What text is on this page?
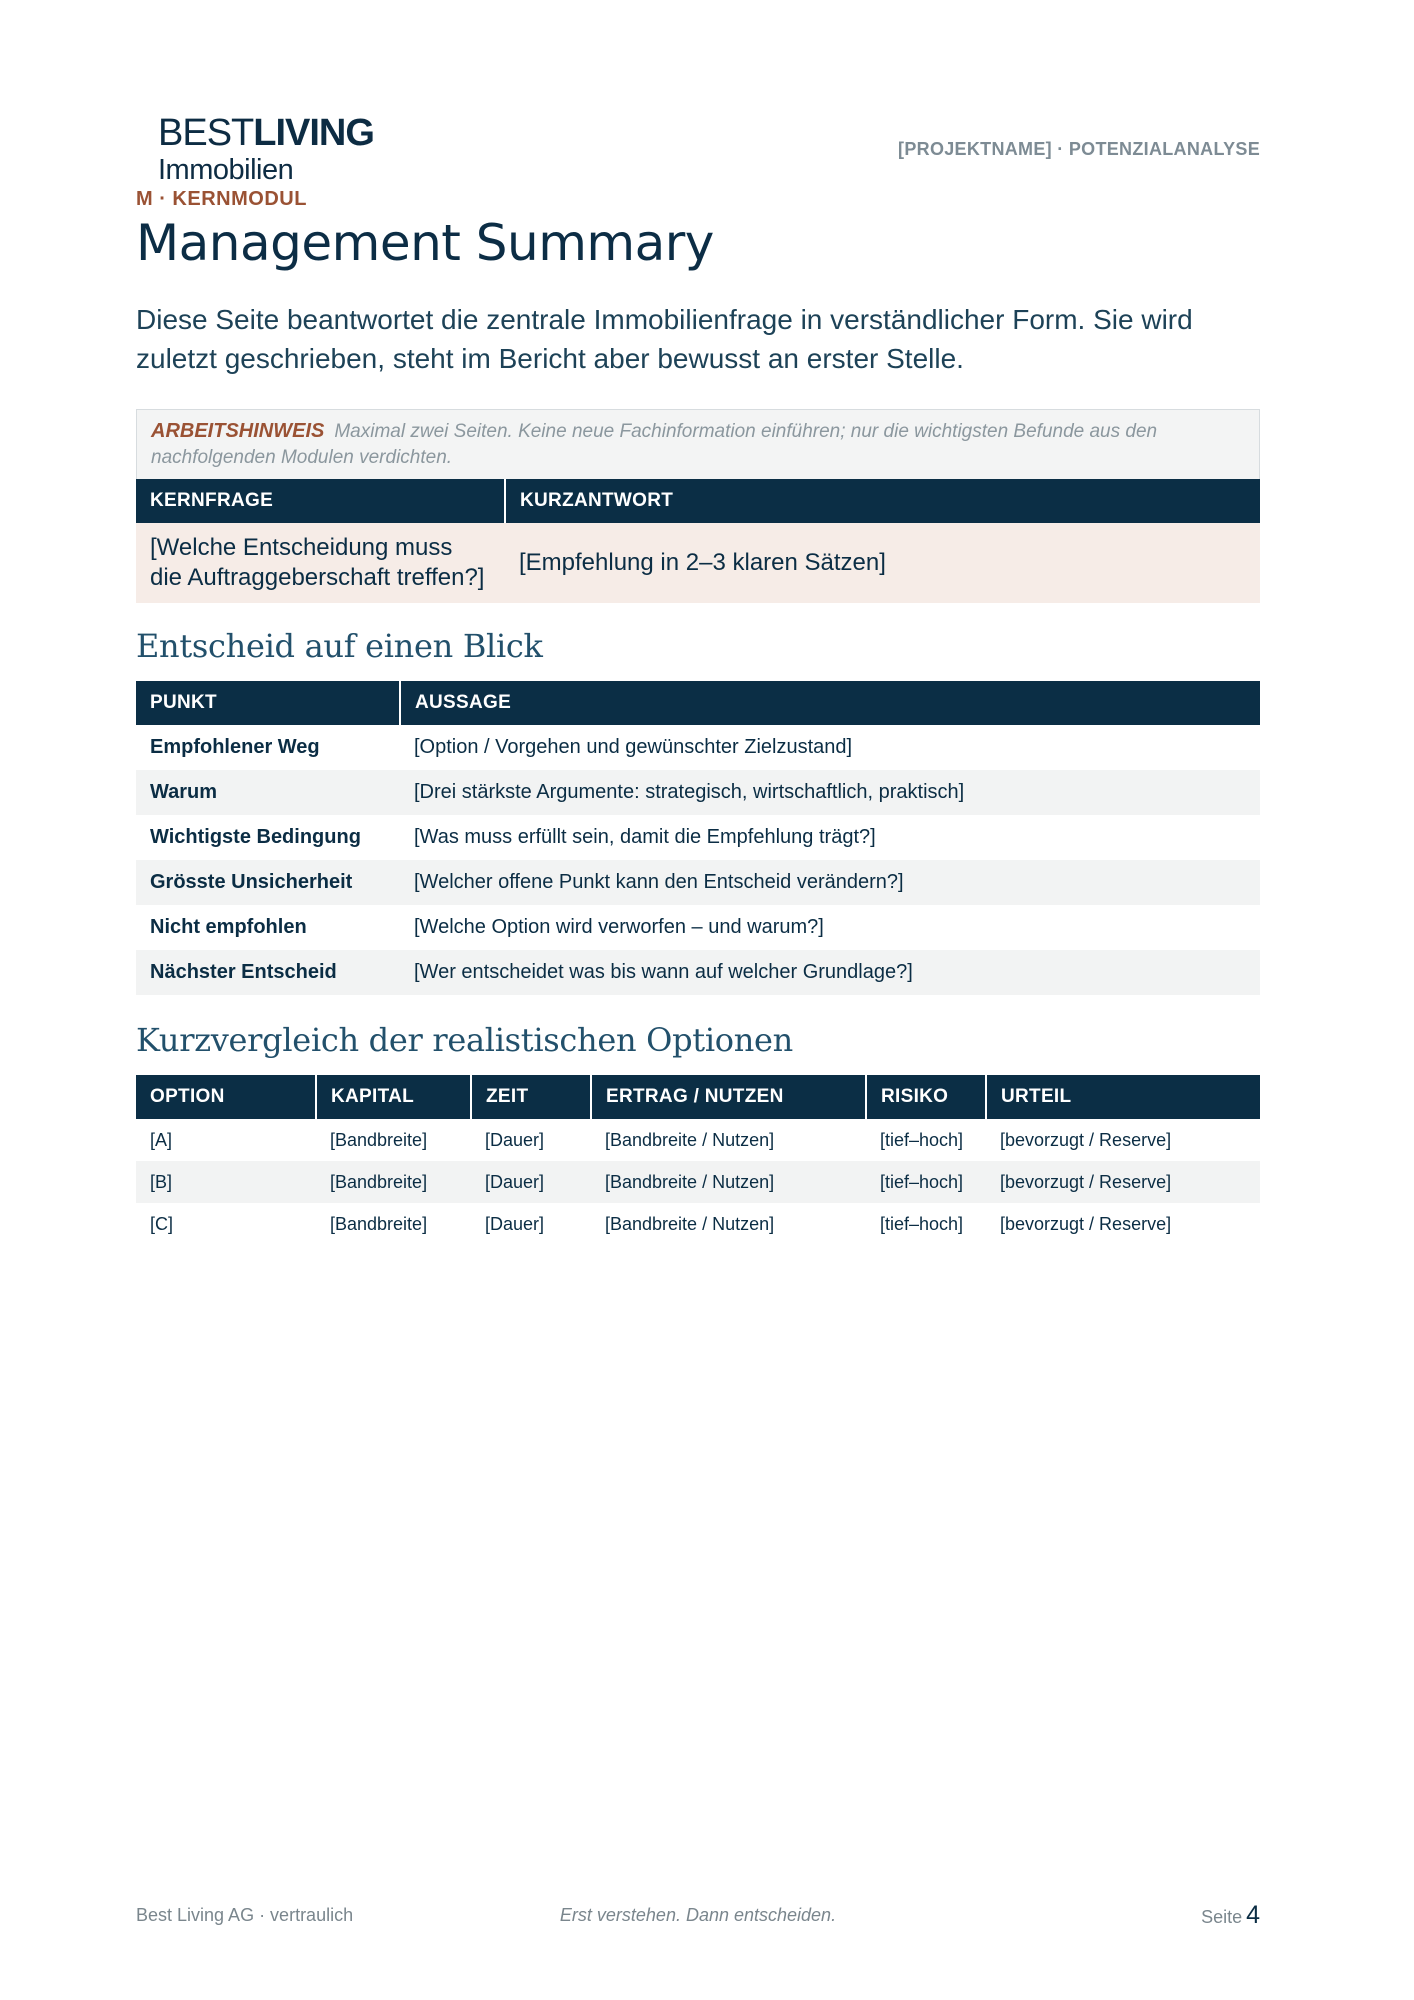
BESTLIVING
Immobilien
[PROJEKTNAME] · POTENZIALANALYSE
M · KERNMODUL
Management Summary

Diese Seite beantwortet die zentrale Immobilienfrage in verständlicher Form. Sie wird zuletzt geschrieben, steht im Bericht aber bewusst an erster Stelle.

ARBEITSHINWEIS Maximal zwei Seiten. Keine neue Fachinformation einführen; nur die wichtigsten Befunde aus den nachfolgenden Modulen verdichten.
KERNFRAGE	KURZANTWORT
[Welche Entscheidung muss die Auftraggeberschaft treffen?]	[Empfehlung in 2–3 klaren Sätzen]
Entscheid auf einen Blick
PUNKT	AUSSAGE
Empfohlener Weg	[Option / Vorgehen und gewünschter Zielzustand]
Warum	[Drei stärkste Argumente: strategisch, wirtschaftlich, praktisch]
Wichtigste Bedingung	[Was muss erfüllt sein, damit die Empfehlung trägt?]
Grösste Unsicherheit	[Welcher offene Punkt kann den Entscheid verändern?]
Nicht empfohlen	[Welche Option wird verworfen – und warum?]
Nächster Entscheid	[Wer entscheidet was bis wann auf welcher Grundlage?]
Kurzvergleich der realistischen Optionen
OPTION	KAPITAL	ZEIT	ERTRAG / NUTZEN	RISIKO	URTEIL
[A]	[Bandbreite]	[Dauer]	[Bandbreite / Nutzen]	[tief–hoch]	[bevorzugt / Reserve]
[B]	[Bandbreite]	[Dauer]	[Bandbreite / Nutzen]	[tief–hoch]	[bevorzugt / Reserve]
[C]	[Bandbreite]	[Dauer]	[Bandbreite / Nutzen]	[tief–hoch]	[bevorzugt / Reserve]
Best Living AG · vertraulich	Erst verstehen. Dann entscheiden.	Seite 4
